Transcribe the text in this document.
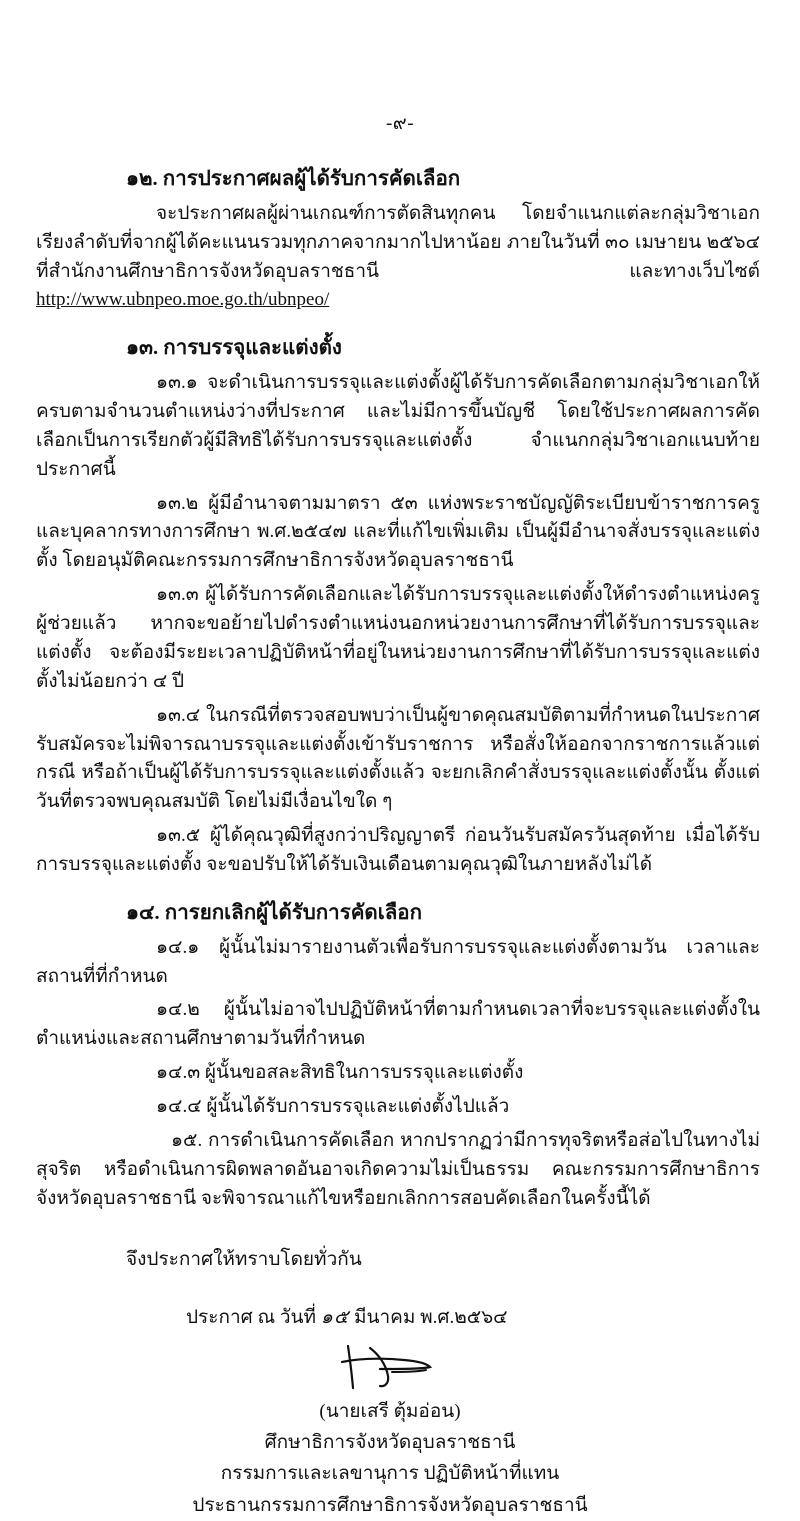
-๙-
๑๒. การประกาศผลผู้ได้รับการคัดเลือก

จะประกาศผลผู้ผ่านเกณฑ์การตัดสินทุกคน โดยจำแนกแต่ละกลุ่มวิชาเอก เรียงลำดับที่จากผู้ได้คะแนนรวมทุกภาคจากมากไปหาน้อย ภายในวันที่ ๓๐ เมษายน ๒๕๖๔ ที่สำนักงานศึกษาธิการจังหวัดอุบลราชธานี และทางเว็บไซต์ http://www.ubnpeo.moe.go.th/ubnpeo/

๑๓. การบรรจุและแต่งตั้ง

๑๓.๑ จะดำเนินการบรรจุและแต่งตั้งผู้ได้รับการคัดเลือกตามกลุ่มวิชาเอกให้ครบตามจำนวนตำแหน่งว่างที่ประกาศ และไม่มีการขึ้นบัญชี โดยใช้ประกาศผลการคัดเลือกเป็นการเรียกตัวผู้มีสิทธิได้รับการบรรจุและแต่งตั้ง จำแนกกลุ่มวิชาเอกแนบท้ายประกาศนี้

๑๓.๒ ผู้มีอำนาจตามมาตรา ๕๓ แห่งพระราชบัญญัติระเบียบข้าราชการครูและบุคลากรทางการศึกษา พ.ศ.๒๕๔๗ และที่แก้ไขเพิ่มเติม เป็นผู้มีอำนาจสั่งบรรจุและแต่งตั้ง โดยอนุมัติคณะกรรมการศึกษาธิการจังหวัดอุบลราชธานี

๑๓.๓ ผู้ได้รับการคัดเลือกและได้รับการบรรจุและแต่งตั้งให้ดำรงตำแหน่งครูผู้ช่วยแล้ว หากจะขอย้ายไปดำรงตำแหน่งนอกหน่วยงานการศึกษาที่ได้รับการบรรจุและแต่งตั้ง จะต้องมีระยะเวลาปฏิบัติหน้าที่อยู่ในหน่วยงานการศึกษาที่ได้รับการบรรจุและแต่งตั้งไม่น้อยกว่า ๔ ปี

๑๓.๔ ในกรณีที่ตรวจสอบพบว่าเป็นผู้ขาดคุณสมบัติตามที่กำหนดในประกาศรับสมัครจะไม่พิจารณาบรรจุและแต่งตั้งเข้ารับราชการ หรือสั่งให้ออกจากราชการแล้วแต่กรณี หรือถ้าเป็นผู้ได้รับการบรรจุและแต่งตั้งแล้ว จะยกเลิกคำสั่งบรรจุและแต่งตั้งนั้น ตั้งแต่วันที่ตรวจพบคุณสมบัติ โดยไม่มีเงื่อนไขใด ๆ

๑๓.๕ ผู้ได้คุณวุฒิที่สูงกว่าปริญญาตรี ก่อนวันรับสมัครวันสุดท้าย เมื่อได้รับการบรรจุและแต่งตั้ง จะขอปรับให้ได้รับเงินเดือนตามคุณวุฒิในภายหลังไม่ได้

๑๔. การยกเลิกผู้ได้รับการคัดเลือก

๑๔.๑ ผู้นั้นไม่มารายงานตัวเพื่อรับการบรรจุและแต่งตั้งตามวัน เวลาและสถานที่ที่กำหนด

๑๔.๒ ผู้นั้นไม่อาจไปปฏิบัติหน้าที่ตามกำหนดเวลาที่จะบรรจุและแต่งตั้งในตำแหน่งและสถานศึกษาตามวันที่กำหนด

๑๔.๓ ผู้นั้นขอสละสิทธิในการบรรจุและแต่งตั้ง

๑๔.๔ ผู้นั้นได้รับการบรรจุและแต่งตั้งไปแล้ว

๑๕. การดำเนินการคัดเลือก หากปรากฏว่ามีการทุจริตหรือส่อไปในทางไม่สุจริต หรือดำเนินการผิดพลาดอันอาจเกิดความไม่เป็นธรรม คณะกรรมการศึกษาธิการจังหวัดอุบลราชธานี จะพิจารณาแก้ไขหรือยกเลิกการสอบคัดเลือกในครั้งนี้ได้

จึงประกาศให้ทราบโดยทั่วกัน
ประกาศ ณ วันที่ ๑๕ มีนาคม พ.ศ.๒๕๖๔
(นายเสรี ตุ้มอ่อน)
ศึกษาธิการจังหวัดอุบลราชธานี
กรรมการและเลขานุการ ปฏิบัติหน้าที่แทน
ประธานกรรมการศึกษาธิการจังหวัดอุบลราชธานี
